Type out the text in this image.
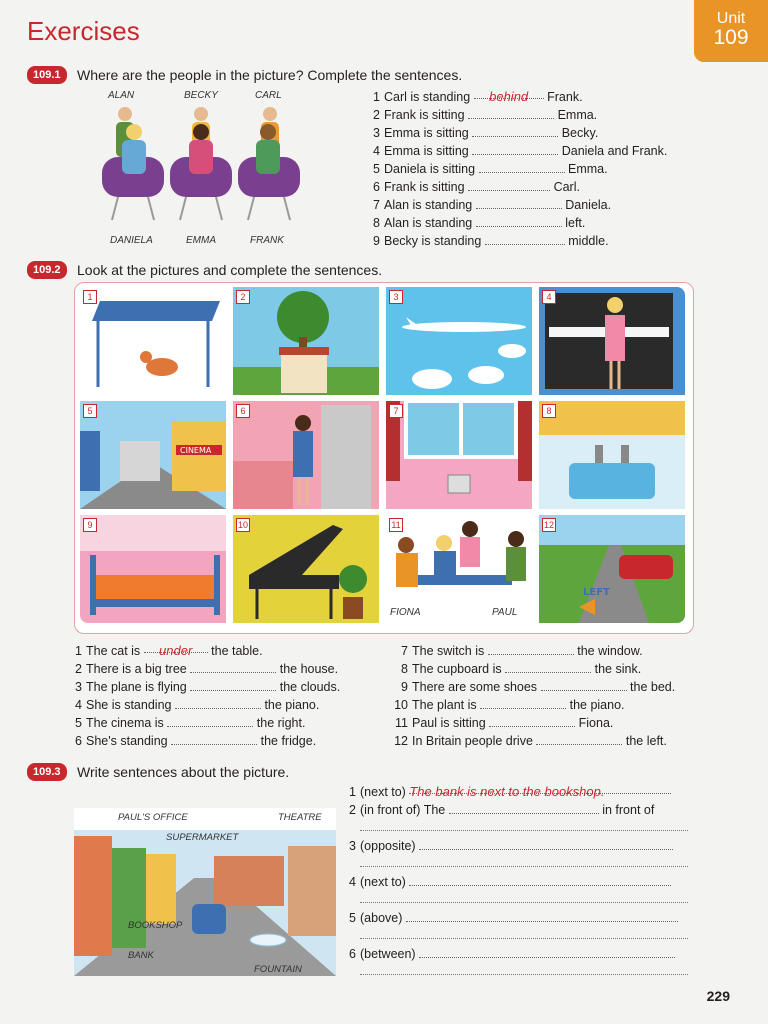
Exercises	Unit
109
109.1	Where are the people in the picture? Complete the sentences.
ALAN	BECKY	CARL
DANIELA	EMMA	FRANK
1 Carl is standing behind Frank.
2 Frank is sitting	Emma.
3 Emma is sitting	Becky.
4 Emma is sitting	Daniela and Frank.
5 Daniela is sitting	Emma.
6 Frank is sitting	Carl.
7 Alan is standing	Daniela.
8 Alan is standing	left.
9 Becky is standing	middle.
109.2	Look at the pictures and complete the sentences.
1	2	3	4
5
CINEMA
6	7	8
9	10	11
FIONA	PAUL
12
LEFT
1 The cat is under the table.
2 There is a big tree	the house.
3 The plane is flying	the clouds.
4 She is standing	the piano.
5 The cinema is	the right.
6 She's standing	the fridge.
7 The switch is	the window.
8 The cupboard is	the sink.
9 There are some shoes	the bed.
10 The plant is	the piano.
11 Paul is sitting	Fiona.
12 In Britain people drive	the left.
109.3	Write sentences about the picture.
PAUL'S OFFICE	THEATRE
SUPERMARKET
BOOKSHOP
BANK
FOUNTAIN
1 (next to) The bank is next to the bookshop.
2 (in front of) The	in front of
3 (opposite)
4 (next to)
5 (above)
6 (between)
229
